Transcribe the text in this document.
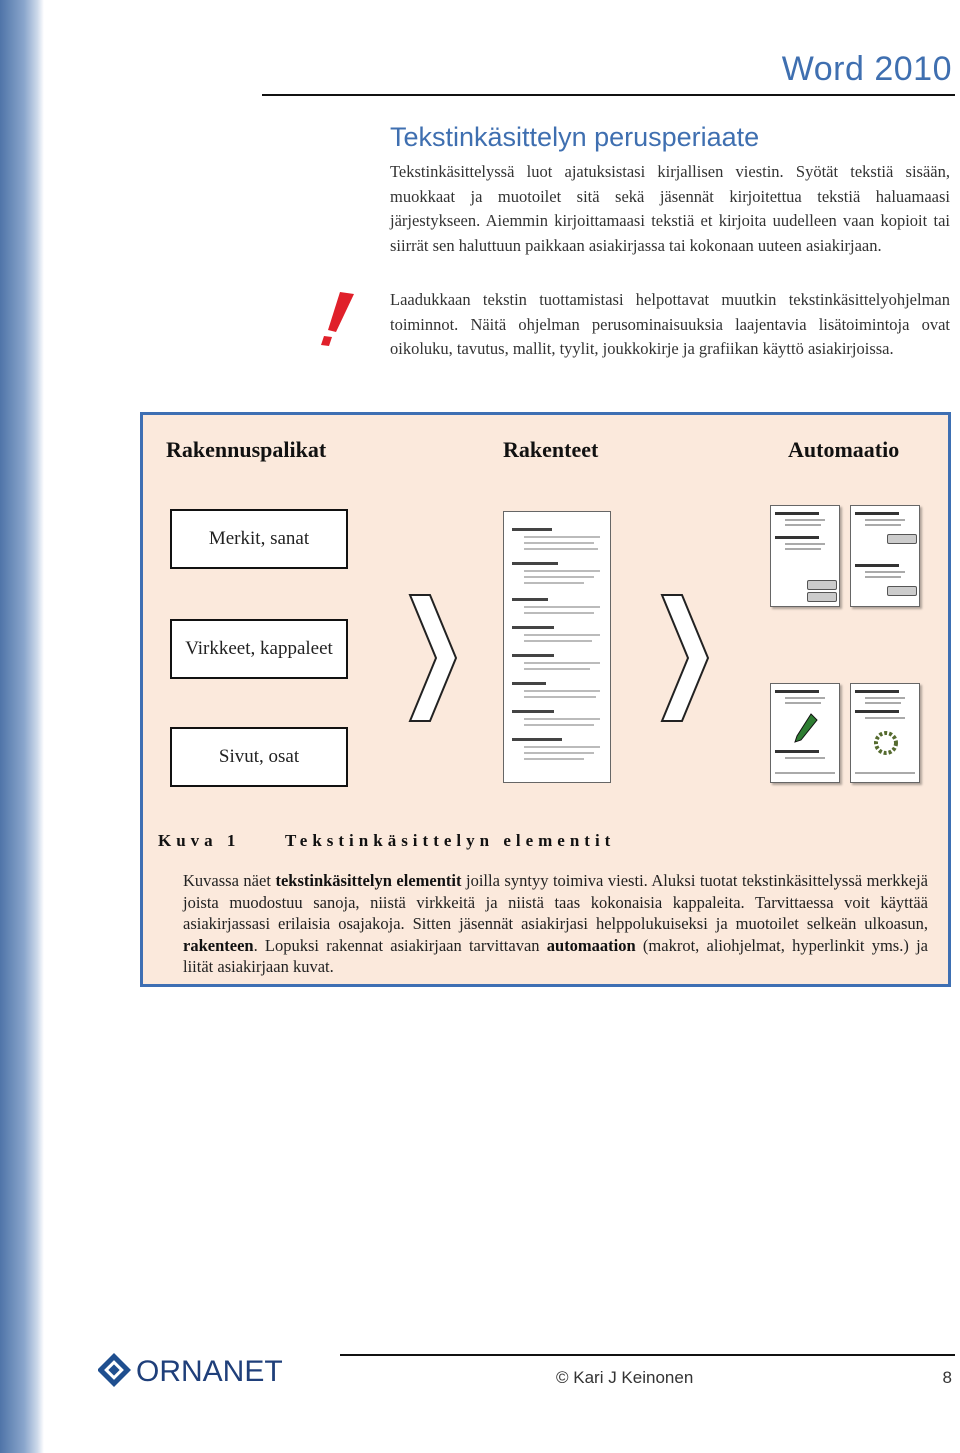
Word 2010
Tekstinkäsittelyn perusperiaate

Tekstinkäsittelyssä luot ajatuksistasi kirjallisen viestin. Syötät tekstiä sisään, muokkaat ja muotoilet sitä sekä jäsennät kirjoitettua tekstiä haluamaasi järjestykseen. Aiemmin kirjoittamaasi tekstiä et kirjoita uudelleen vaan kopioit tai siirrät sen haluttuun paikkaan asiakirjassa tai kokonaan uuteen asiakirjaan.

Laadukkaan tekstin tuottamistasi helpottavat muutkin tekstinkäsittelyohjelman toiminnot. Näitä ohjelman perusominaisuuksia laajentavia lisätoimintoja ovat oikoluku, tavutus, mallit, tyylit, joukkokirje ja grafiikan käyttö asiakirjoissa.

Rakennuspalikat	Rakenteet	Automaatio
Merkit, sanat
Virkkeet, kappaleet
Sivut, osat
Kuva 1	Tekstinkäsittelyn elementit

Kuvassa näet tekstinkäsittelyn elementit joilla syntyy toimiva viesti. Aluksi tuotat tekstinkäsittelyssä merkkejä joista muodostuu sanoja, niistä virkkeitä ja niistä taas kokonaisia kappaleita. Tarvittaessa voit käyttää asiakirjassasi erilaisia osajakoja. Sitten jäsennät asiakirjasi helppolukuiseksi ja muotoilet selkeän ulkoasun, rakenteen. Lopuksi rakennat asiakirjaan tarvittavan automaation (makrot, aliohjelmat, hyperlinkit yms.) ja liität asiakirjaan kuvat.

ORNANET	© Kari J Keinonen	8
